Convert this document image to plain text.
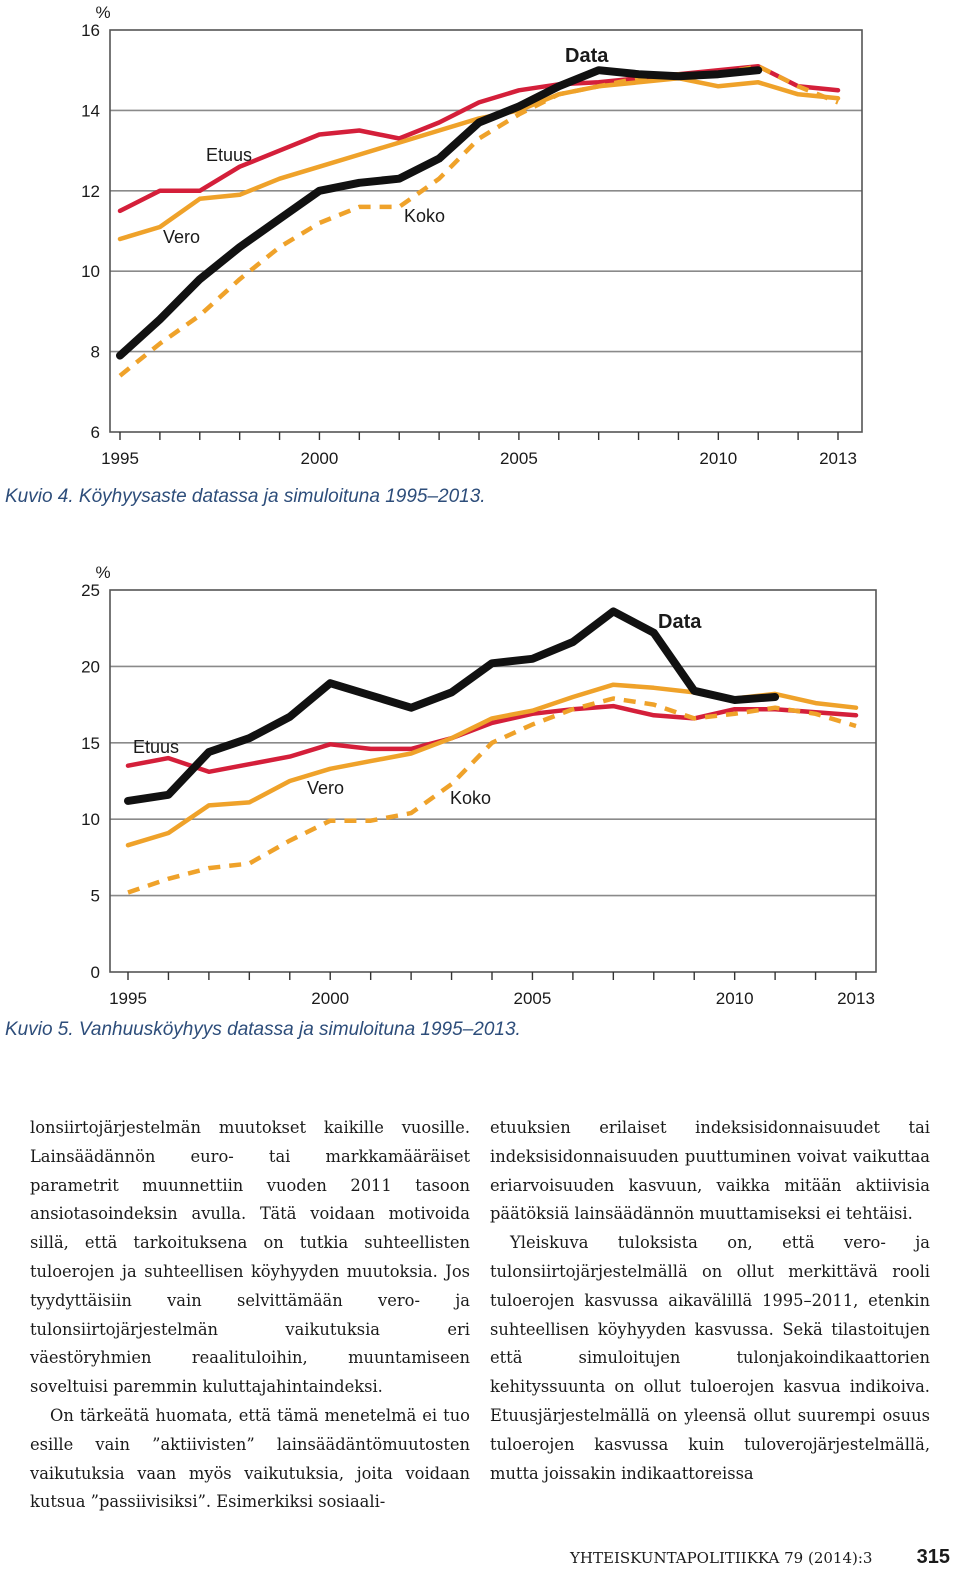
6
8
10
12
14
16
%
1995	2000	2005	2010	2013
Etuus
Vero
Koko
Data
Kuvio 4. Köyhyysaste datassa ja simuloituna 1995–2013.
0
5
10
15
20
25
%
1995	2000	2005	2010	2013
Etuus
Vero	Koko
Data
Kuvio 5. Vanhuusköyhyys datassa ja simuloituna 1995–2013.

lonsiirtojärjestelmän muutokset kaikille vuosille. Lainsäädännön euro- tai markkamääräiset parametrit muunnettiin vuoden 2011 tasoon ansiotasoindeksin avulla. Tätä voidaan motivoida sillä, että tarkoituksena on tutkia suhteellisten tuloerojen ja suhteellisen köyhyyden muutoksia. Jos tyydyttäisiin vain selvittämään vero- ja tulonsiirtojärjestelmän vaikutuksia eri väestöryhmien reaalituloihin, muuntamiseen soveltuisi paremmin kuluttajahintaindeksi.

On tärkeätä huomata, että tämä menetelmä ei tuo esille vain ”aktiivisten” lainsäädäntömuutosten vaikutuksia vaan myös vaikutuksia, joita voidaan kutsua ”passiivisiksi”. Esimerkiksi sosiaali-

etuuksien erilaiset indeksisidonnaisuudet tai indeksisidonnaisuuden puuttuminen voivat vaikuttaa eriarvoisuuden kasvuun, vaikka mitään aktiivisia päätöksiä lainsäädännön muuttamiseksi ei tehtäisi.

Yleiskuva tuloksista on, että vero- ja tulonsiirtojärjestelmällä on ollut merkittävä rooli tuloerojen kasvussa aikavälillä 1995–2011, etenkin suhteellisen köyhyyden kasvussa. Sekä tilastoitujen että simuloitujen tulonjakoindikaattorien kehityssuunta on ollut tuloerojen kasvua indikoiva. Etuusjärjestelmällä on yleensä ollut suurempi osuus tuloerojen kasvussa kuin tuloverojärjestelmällä, mutta joissakin indikaattoreissa

YHTEISKUNTAPOLITIIKKA 79 (2014):3 315
